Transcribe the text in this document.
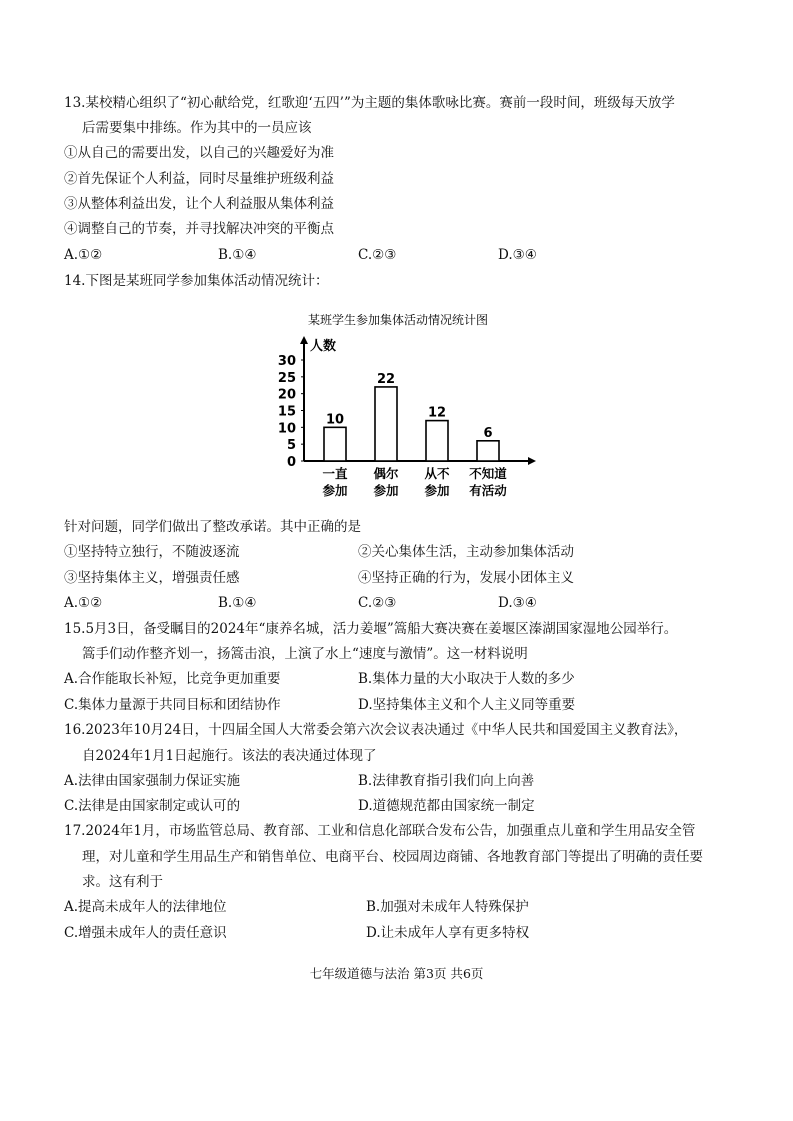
13.某校精心组织了“初心献给党，红歌迎‘五四’”为主题的集体歌咏比赛。赛前一段时间，班级每天放学
后需要集中排练。作为其中的一员应该
①从自己的需要出发，以自己的兴趣爱好为准
②首先保证个人利益，同时尽量维护班级利益
③从整体利益出发，让个人利益服从集体利益
④调整自己的节奏，并寻找解决冲突的平衡点
A.①②	B.①④	C.②③	D.③④
14.下图是某班同学参加集体活动情况统计：
某班学生参加集体活动情况统计图
人数
0
5
10
15
20
25
30
10
一直
参加
22
偶尔
参加
12
从不
参加
6
不知道
有活动
针对问题，同学们做出了整改承诺。其中正确的是
①坚持特立独行，不随波逐流	②关心集体生活，主动参加集体活动
③坚持集体主义，增强责任感	④坚持正确的行为，发展小团体主义
A.①②	B.①④	C.②③	D.③④
15.5月3日，备受瞩目的2024年“康养名城，活力姜堰”篙船大赛决赛在姜堰区溱湖国家湿地公园举行。
篙手们动作整齐划一，扬篙击浪，上演了水上“速度与激情”。这一材料说明
A.合作能取长补短，比竞争更加重要	B.集体力量的大小取决于人数的多少
C.集体力量源于共同目标和团结协作	D.坚持集体主义和个人主义同等重要
16.2023年10月24日，十四届全国人大常委会第六次会议表决通过《中华人民共和国爱国主义教育法》，
自2024年1月1日起施行。该法的表决通过体现了
A.法律由国家强制力保证实施	B.法律教育指引我们向上向善
C.法律是由国家制定或认可的	D.道德规范都由国家统一制定
17.2024年1月，市场监管总局、教育部、工业和信息化部联合发布公告，加强重点儿童和学生用品安全管
理，对儿童和学生用品生产和销售单位、电商平台、校园周边商铺、各地教育部门等提出了明确的责任要
求。这有利于
A.提高未成年人的法律地位	B.加强对未成年人特殊保护
C.增强未成年人的责任意识	D.让未成年人享有更多特权
七年级道德与法治 第3页 共6页
